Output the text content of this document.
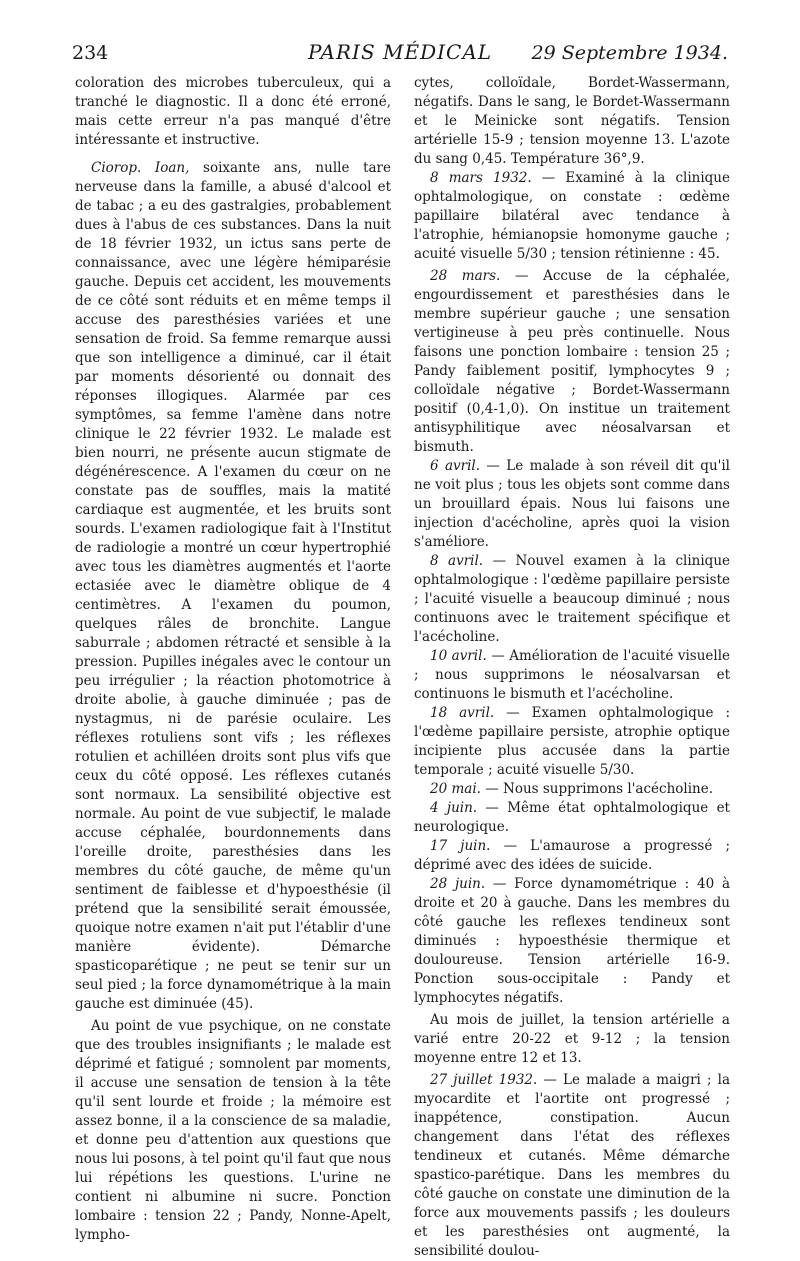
234	PARIS MÉDICAL	29 Septembre 1934.

coloration des microbes tuberculeux, qui a tranché le diagnostic. Il a donc été erroné, mais cette erreur n'a pas manqué d'être intéressante et instructive.

Ciorop. Ioan, soixante ans, nulle tare nerveuse dans la famille, a abusé d'alcool et de tabac ; a eu des gastralgies, probablement dues à l'abus de ces substances. Dans la nuit de 18 février 1932, un ictus sans perte de connaissance, avec une légère hémiparésie gauche. Depuis cet accident, les mouvements de ce côté sont réduits et en même temps il accuse des paresthésies variées et une sensation de froid. Sa femme remarque aussi que son intelligence a diminué, car il était par moments désorienté ou donnait des réponses illogiques. Alarmée par ces symptômes, sa femme l'amène dans notre clinique le 22 février 1932. Le malade est bien nourri, ne présente aucun stigmate de dégénérescence. A l'examen du cœur on ne constate pas de souffles, mais la matité cardiaque est augmentée, et les bruits sont sourds. L'examen radiologique fait à l'Institut de radiologie a montré un cœur hypertrophié avec tous les diamètres augmentés et l'aorte ectasiée avec le diamètre oblique de 4 centimètres. A l'examen du poumon, quelques râles de bronchite. Langue saburrale ; abdomen rétracté et sensible à la pression. Pupilles inégales avec le contour un peu irrégulier ; la réaction photomotrice à droite abolie, à gauche diminuée ; pas de nystagmus, ni de parésie oculaire. Les réflexes rotuliens sont vifs ; les réflexes rotulien et achilléen droits sont plus vifs que ceux du côté opposé. Les réflexes cutanés sont normaux. La sensibilité objective est normale. Au point de vue subjectif, le malade accuse céphalée, bourdonnements dans l'oreille droite, paresthésies dans les membres du côté gauche, de même qu'un sentiment de faiblesse et d'hypoesthésie (il prétend que la sensibilité serait émoussée, quoique notre examen n'ait put l'établir d'une manière évidente). Démarche spasticoparétique ; ne peut se tenir sur un seul pied ; la force dynamométrique à la main gauche est diminuée (45).

Au point de vue psychique, on ne constate que des troubles insignifiants ; le malade est déprimé et fatigué ; somnolent par moments, il accuse une sensation de tension à la tête qu'il sent lourde et froide ; la mémoire est assez bonne, il a la conscience de sa maladie, et donne peu d'attention aux questions que nous lui posons, à tel point qu'il faut que nous lui répétions les questions. L'urine ne contient ni albumine ni sucre. Ponction lombaire : tension 22 ; Pandy, Nonne-Apelt, lympho-

cytes, colloïdale, Bordet-Wassermann, négatifs. Dans le sang, le Bordet-Wassermann et le Meinicke sont négatifs. Tension artérielle 15-9 ; tension moyenne 13. L'azote du sang 0,45. Température 36°,9.

8 mars 1932. — Examiné à la clinique ophtalmologique, on constate : œdème papillaire bilatéral avec tendance à l'atrophie, hémianopsie homonyme gauche ; acuité visuelle 5/30 ; tension rétinienne : 45.

28 mars. — Accuse de la céphalée, engourdissement et paresthésies dans le membre supérieur gauche ; une sensation vertigineuse à peu près continuelle. Nous faisons une ponction lombaire : tension 25 ; Pandy faiblement positif, lymphocytes 9 ; colloïdale négative ; Bordet-Wassermann positif (0,4-1,0). On institue un traitement antisyphilitique avec néosalvarsan et bismuth.

6 avril. — Le malade à son réveil dit qu'il ne voit plus ; tous les objets sont comme dans un brouillard épais. Nous lui faisons une injection d'acécholine, après quoi la vision s'améliore.

8 avril. — Nouvel examen à la clinique ophtalmologique : l'œdème papillaire persiste ; l'acuité visuelle a beaucoup diminué ; nous continuons avec le traitement spécifique et l'acécholine.

10 avril. — Amélioration de l'acuité visuelle ; nous supprimons le néosalvarsan et continuons le bismuth et l'acécholine.

18 avril. — Examen ophtalmologique : l'œdème papillaire persiste, atrophie optique incipiente plus accusée dans la partie temporale ; acuité visuelle 5/30.

20 mai. — Nous supprimons l'acécholine.

4 juin. — Même état ophtalmologique et neurologique.

17 juin. — L'amaurose a progressé ; déprimé avec des idées de suicide.

28 juin. — Force dynamométrique : 40 à droite et 20 à gauche. Dans les membres du côté gauche les reflexes tendineux sont diminués : hypoesthésie thermique et douloureuse. Tension artérielle 16-9. Ponction sous-occipitale : Pandy et lymphocytes négatifs.

Au mois de juillet, la tension artérielle a varié entre 20-22 et 9-12 ; la tension moyenne entre 12 et 13.

27 juillet 1932. — Le malade a maigri ; la myocardite et l'aortite ont progressé ; inappétence, constipation. Aucun changement dans l'état des réflexes tendineux et cutanés. Même démarche spastico-parétique. Dans les membres du côté gauche on constate une diminution de la force aux mouvements passifs ; les douleurs et les paresthésies ont augmenté, la sensibilité doulou-
